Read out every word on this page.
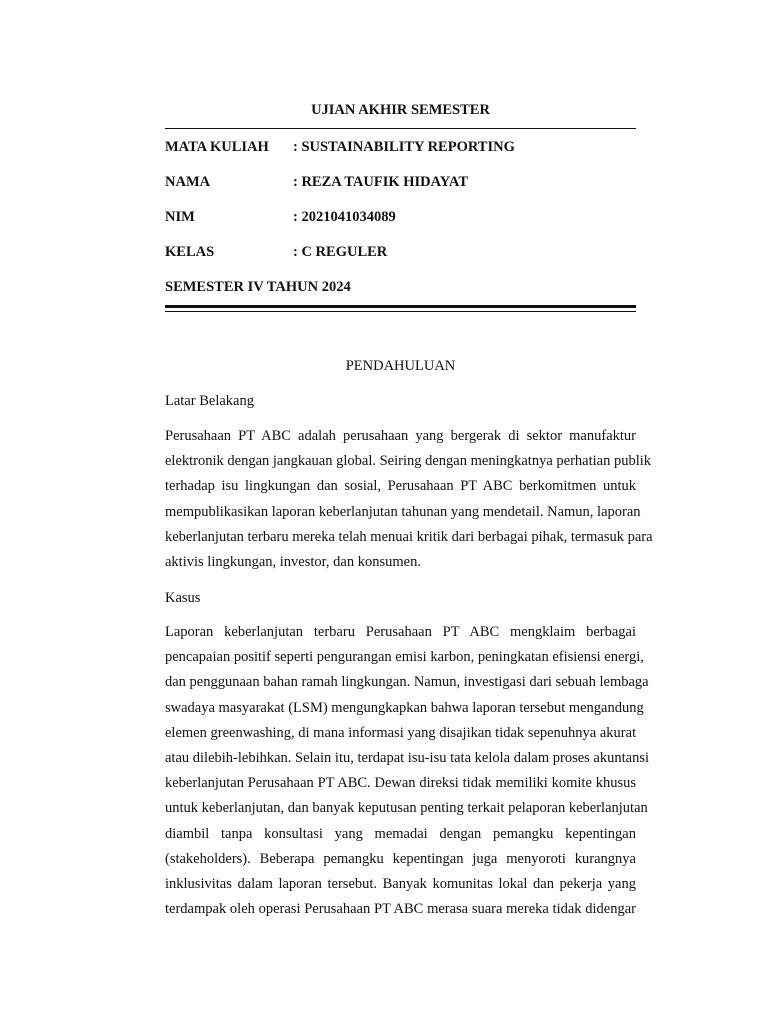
UJIAN AKHIR SEMESTER
MATA KULIAH : SUSTAINABILITY REPORTING
NAMA	: REZA TAUFIK HIDAYAT
NIM	: 2021041034089
KELAS	: C REGULER
SEMESTER IV TAHUN 2024
PENDAHULUAN
Latar Belakang
Perusahaan PT ABC adalah perusahaan yang bergerak di sektor manufaktur
elektronik dengan jangkauan global. Seiring dengan meningkatnya perhatian publik
terhadap isu lingkungan dan sosial, Perusahaan PT ABC berkomitmen untuk
mempublikasikan laporan keberlanjutan tahunan yang mendetail. Namun, laporan
keberlanjutan terbaru mereka telah menuai kritik dari berbagai pihak, termasuk para
aktivis lingkungan, investor, dan konsumen.
Kasus
Laporan keberlanjutan terbaru Perusahaan PT ABC mengklaim berbagai
pencapaian positif seperti pengurangan emisi karbon, peningkatan efisiensi energi,
dan penggunaan bahan ramah lingkungan. Namun, investigasi dari sebuah lembaga
swadaya masyarakat (LSM) mengungkapkan bahwa laporan tersebut mengandung
elemen greenwashing, di mana informasi yang disajikan tidak sepenuhnya akurat
atau dilebih-lebihkan. Selain itu, terdapat isu-isu tata kelola dalam proses akuntansi
keberlanjutan Perusahaan PT ABC. Dewan direksi tidak memiliki komite khusus
untuk keberlanjutan, dan banyak keputusan penting terkait pelaporan keberlanjutan
diambil tanpa konsultasi yang memadai dengan pemangku kepentingan
(stakeholders). Beberapa pemangku kepentingan juga menyoroti kurangnya
inklusivitas dalam laporan tersebut. Banyak komunitas lokal dan pekerja yang
terdampak oleh operasi Perusahaan PT ABC merasa suara mereka tidak didengar
